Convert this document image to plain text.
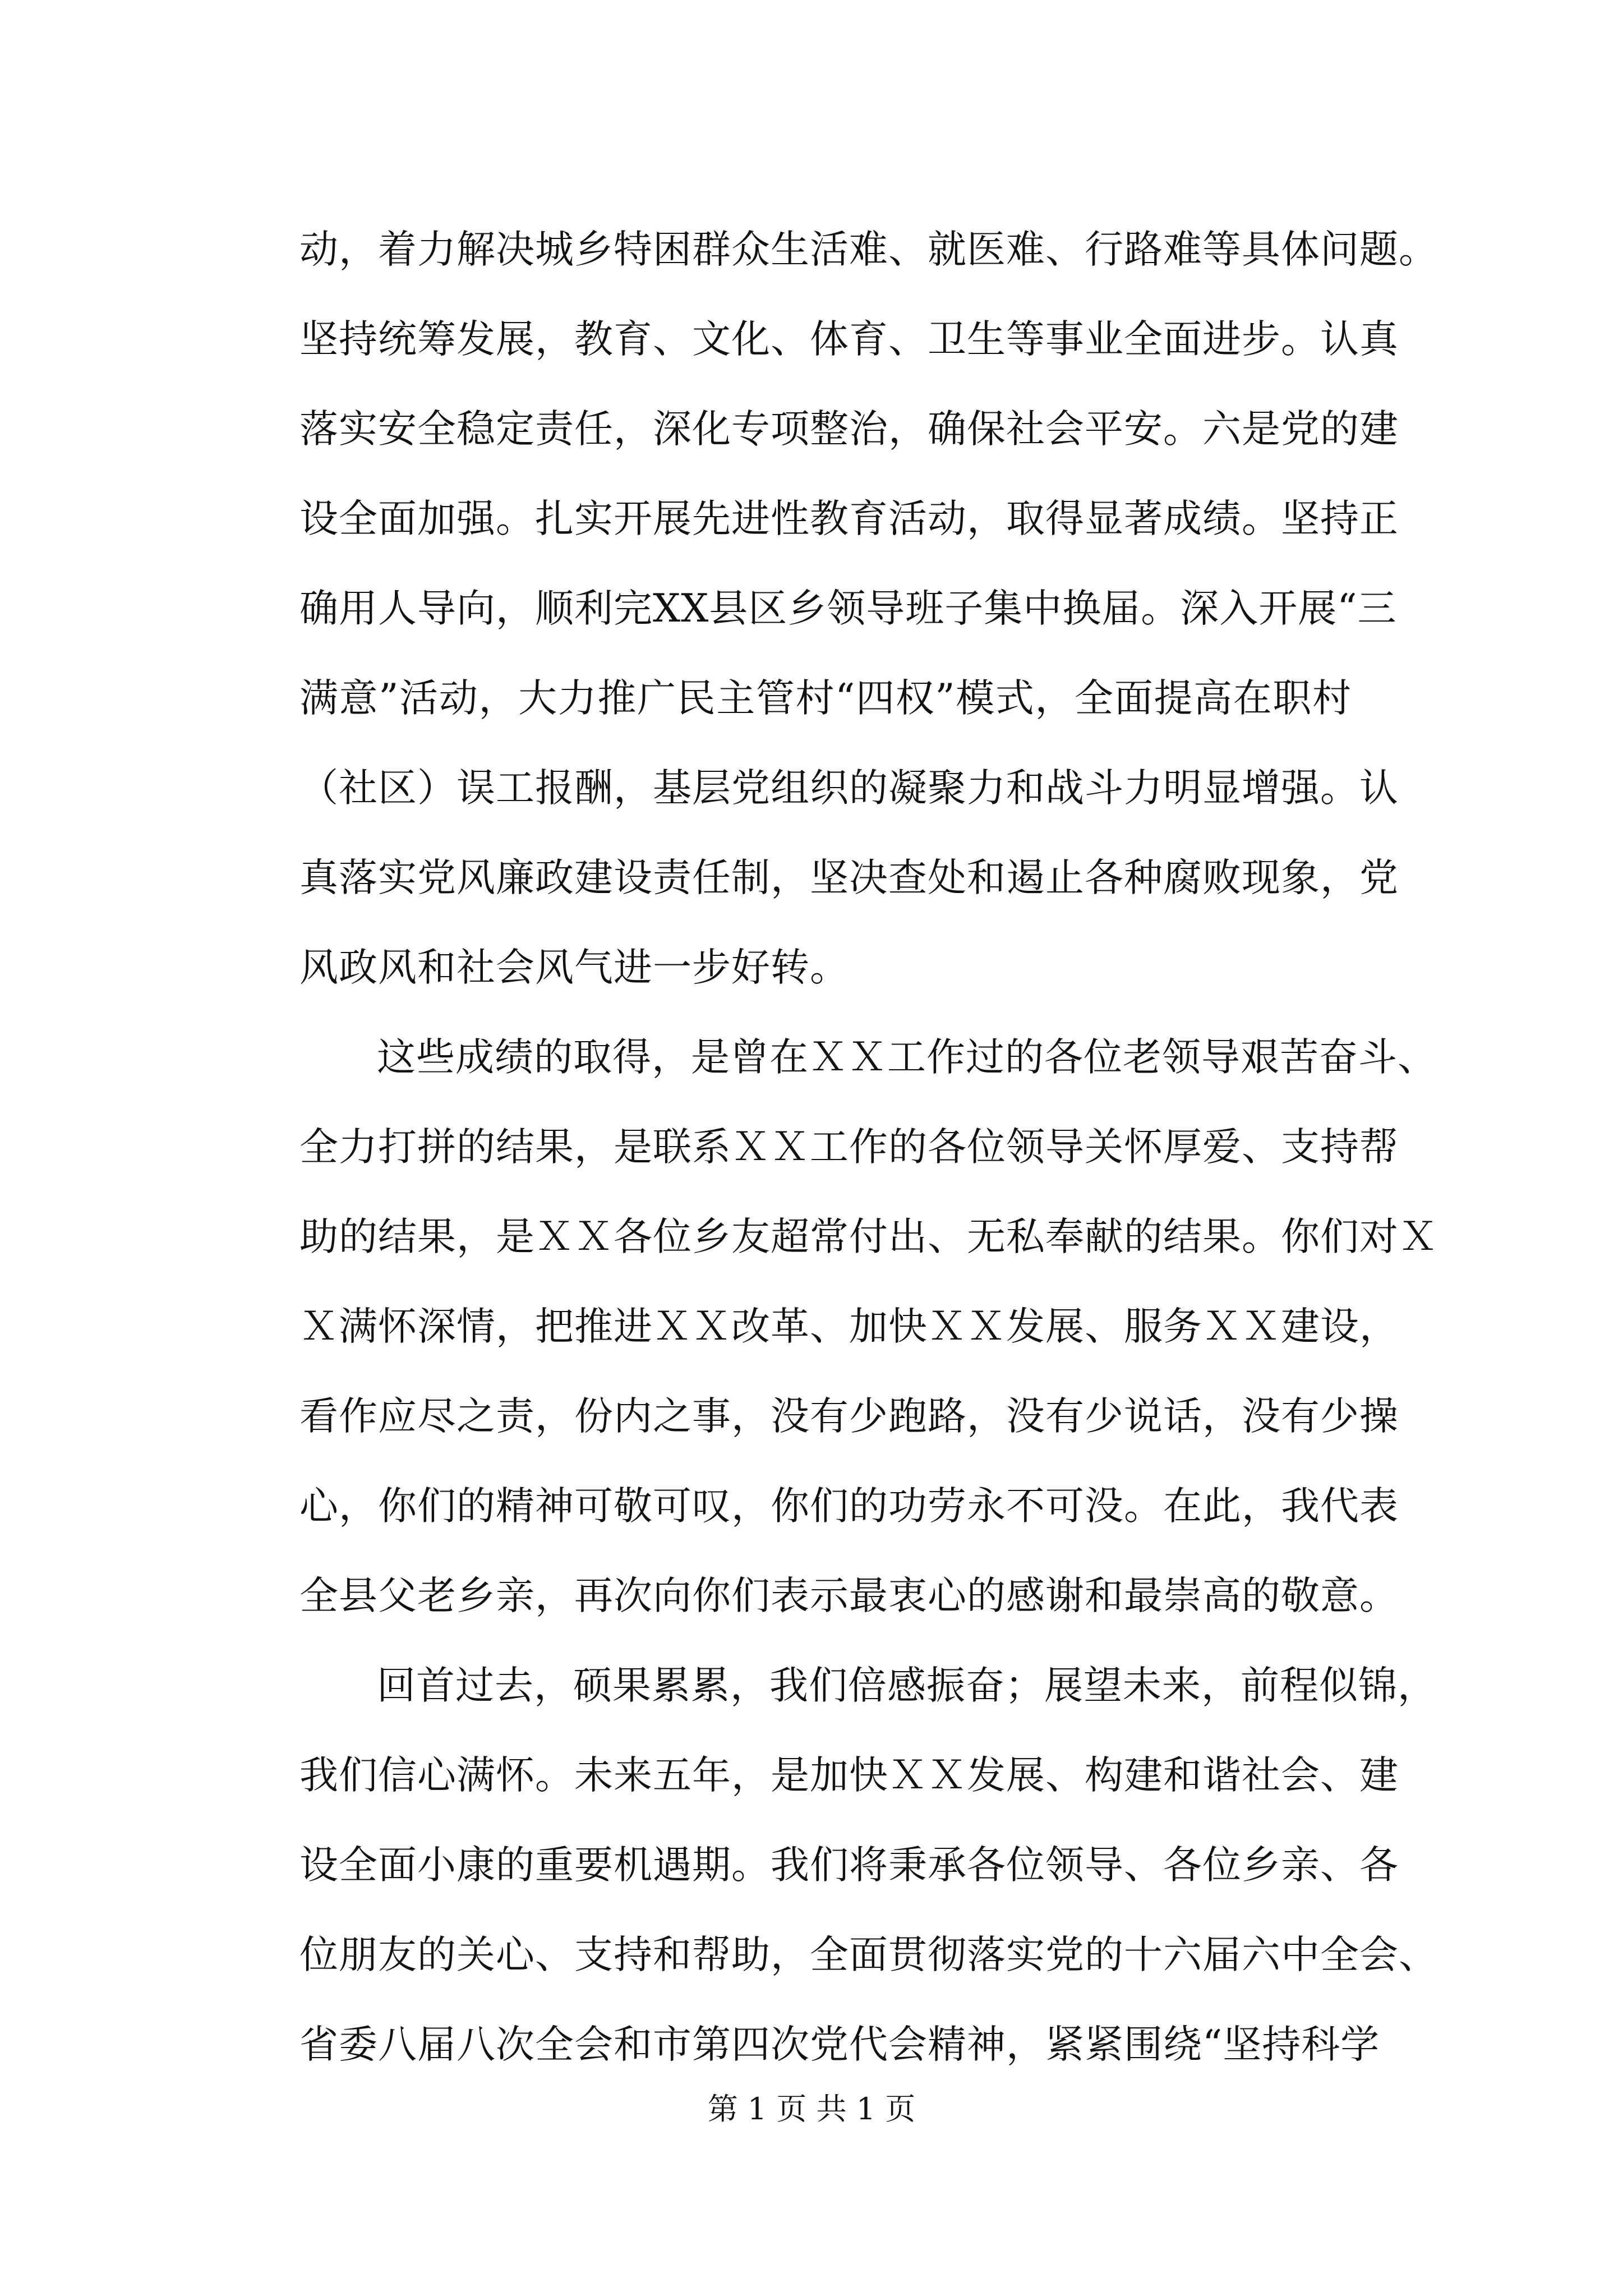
动，着力解决城乡特困群众生活难、就医难、行路难等具体问题。
坚持统筹发展，教育、文化、体育、卫生等事业全面进步。认真
落实安全稳定责任，深化专项整治，确保社会平安。六是党的建
设全面加强。扎实开展先进性教育活动，取得显著成绩。坚持正
确用人导向，顺利完XX县区乡领导班子集中换届。深入开展“三
满意”活动，大力推广民主管村“四权”模式，全面提高在职村
（社区）误工报酬，基层党组织的凝聚力和战斗力明显增强。认
真落实党风廉政建设责任制，坚决查处和遏止各种腐败现象，党
风政风和社会风气进一步好转。
这些成绩的取得，是曾在ＸＸ工作过的各位老领导艰苦奋斗、
全力打拼的结果，是联系ＸＸ工作的各位领导关怀厚爱、支持帮
助的结果，是ＸＸ各位乡友超常付出、无私奉献的结果。你们对Ｘ
Ｘ满怀深情，把推进ＸＸ改革、加快ＸＸ发展、服务ＸＸ建设，
看作应尽之责，份内之事，没有少跑路，没有少说话，没有少操
心，你们的精神可敬可叹，你们的功劳永不可没。在此，我代表
全县父老乡亲，再次向你们表示最衷心的感谢和最崇高的敬意。
回首过去，硕果累累，我们倍感振奋；展望未来，前程似锦，
我们信心满怀。未来五年，是加快ＸＸ发展、构建和谐社会、建
设全面小康的重要机遇期。我们将秉承各位领导、各位乡亲、各
位朋友的关心、支持和帮助，全面贯彻落实党的十六届六中全会、
省委八届八次全会和市第四次党代会精神，紧紧围绕“坚持科学
第 1 页 共 1 页
